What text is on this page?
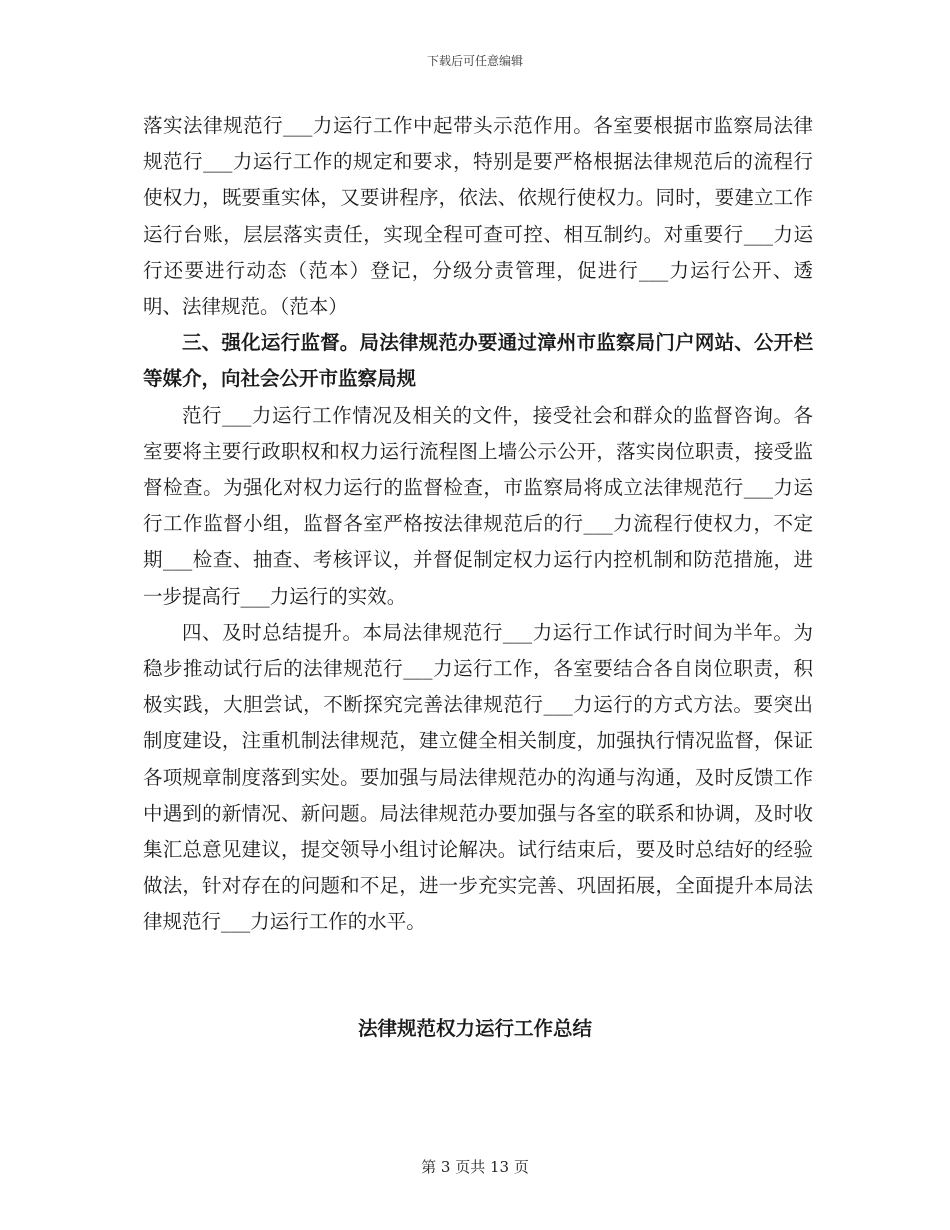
下载后可任意编辑

落实法律规范行___力运行工作中起带头示范作用。各室要根据市监察局法律规范行___力运行工作的规定和要求，特别是要严格根据法律规范后的流程行使权力，既要重实体，又要讲程序，依法、依规行使权力。同时，要建立工作运行台账，层层落实责任，实现全程可查可控、相互制约。对重要行___力运行还要进行动态（范本）登记，分级分责管理，促进行___力运行公开、透明、法律规范。（范本）

三、强化运行监督。局法律规范办要通过漳州市监察局门户网站、公开栏等媒介，向社会公开市监察局规

范行___力运行工作情况及相关的文件，接受社会和群众的监督咨询。各室要将主要行政职权和权力运行流程图上墙公示公开，落实岗位职责，接受监督检查。为强化对权力运行的监督检查，市监察局将成立法律规范行___力运行工作监督小组，监督各室严格按法律规范后的行___力流程行使权力，不定期___检查、抽查、考核评议，并督促制定权力运行内控机制和防范措施，进一步提高行___力运行的实效。

四、及时总结提升。本局法律规范行___力运行工作试行时间为半年。为稳步推动试行后的法律规范行___力运行工作，各室要结合各自岗位职责，积极实践，大胆尝试，不断探究完善法律规范行___力运行的方式方法。要突出制度建设，注重机制法律规范，建立健全相关制度，加强执行情况监督，保证各项规章制度落到实处。要加强与局法律规范办的沟通与沟通，及时反馈工作中遇到的新情况、新问题。局法律规范办要加强与各室的联系和协调，及时收集汇总意见建议，提交领导小组讨论解决。试行结束后，要及时总结好的经验做法，针对存在的问题和不足，进一步充实完善、巩固拓展，全面提升本局法律规范行___力运行工作的水平。

法律规范权力运行工作总结
第 3 页共 13 页
